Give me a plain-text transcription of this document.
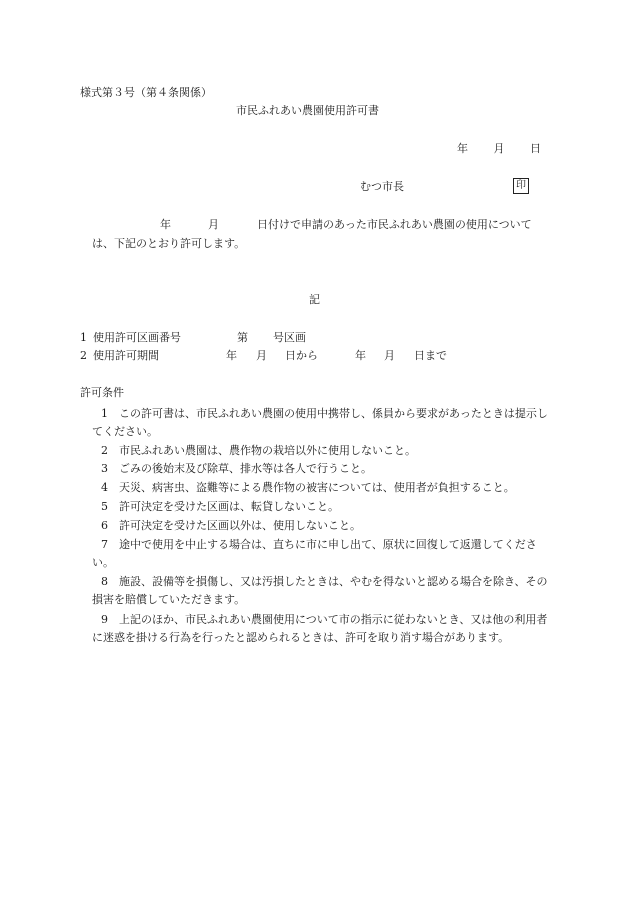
様式第３号（第４条関係）
市民ふれあい農園使用許可書
年 月 日
むつ市長	印
年	月	日付けで申請のあった市民ふれあい農園の使用について
は、下記のとおり許可します。
記
1 使用許可区画番号	第 号区画
2 使用許可期間	年 月 日から	年 月 日まで
許可条件
1 この許可書は、市民ふれあい農園の使用中携帯し、係員から要求があったときは提示してください。
2 市民ふれあい農園は、農作物の栽培以外に使用しないこと。
3 ごみの後始末及び除草、排水等は各人で行うこと。
4 天災、病害虫、盗難等による農作物の被害については、使用者が負担すること。
5 許可決定を受けた区画は、転貸しないこと。
6 許可決定を受けた区画以外は、使用しないこと。
7 途中で使用を中止する場合は、直ちに市に申し出て、原状に回復して返還してください。
8 施設、設備等を損傷し、又は汚損したときは、やむを得ないと認める場合を除き、その損害を賠償していただきます。
9 上記のほか、市民ふれあい農園使用について市の指示に従わないとき、又は他の利用者に迷惑を掛ける行為を行ったと認められるときは、許可を取り消す場合があります。
